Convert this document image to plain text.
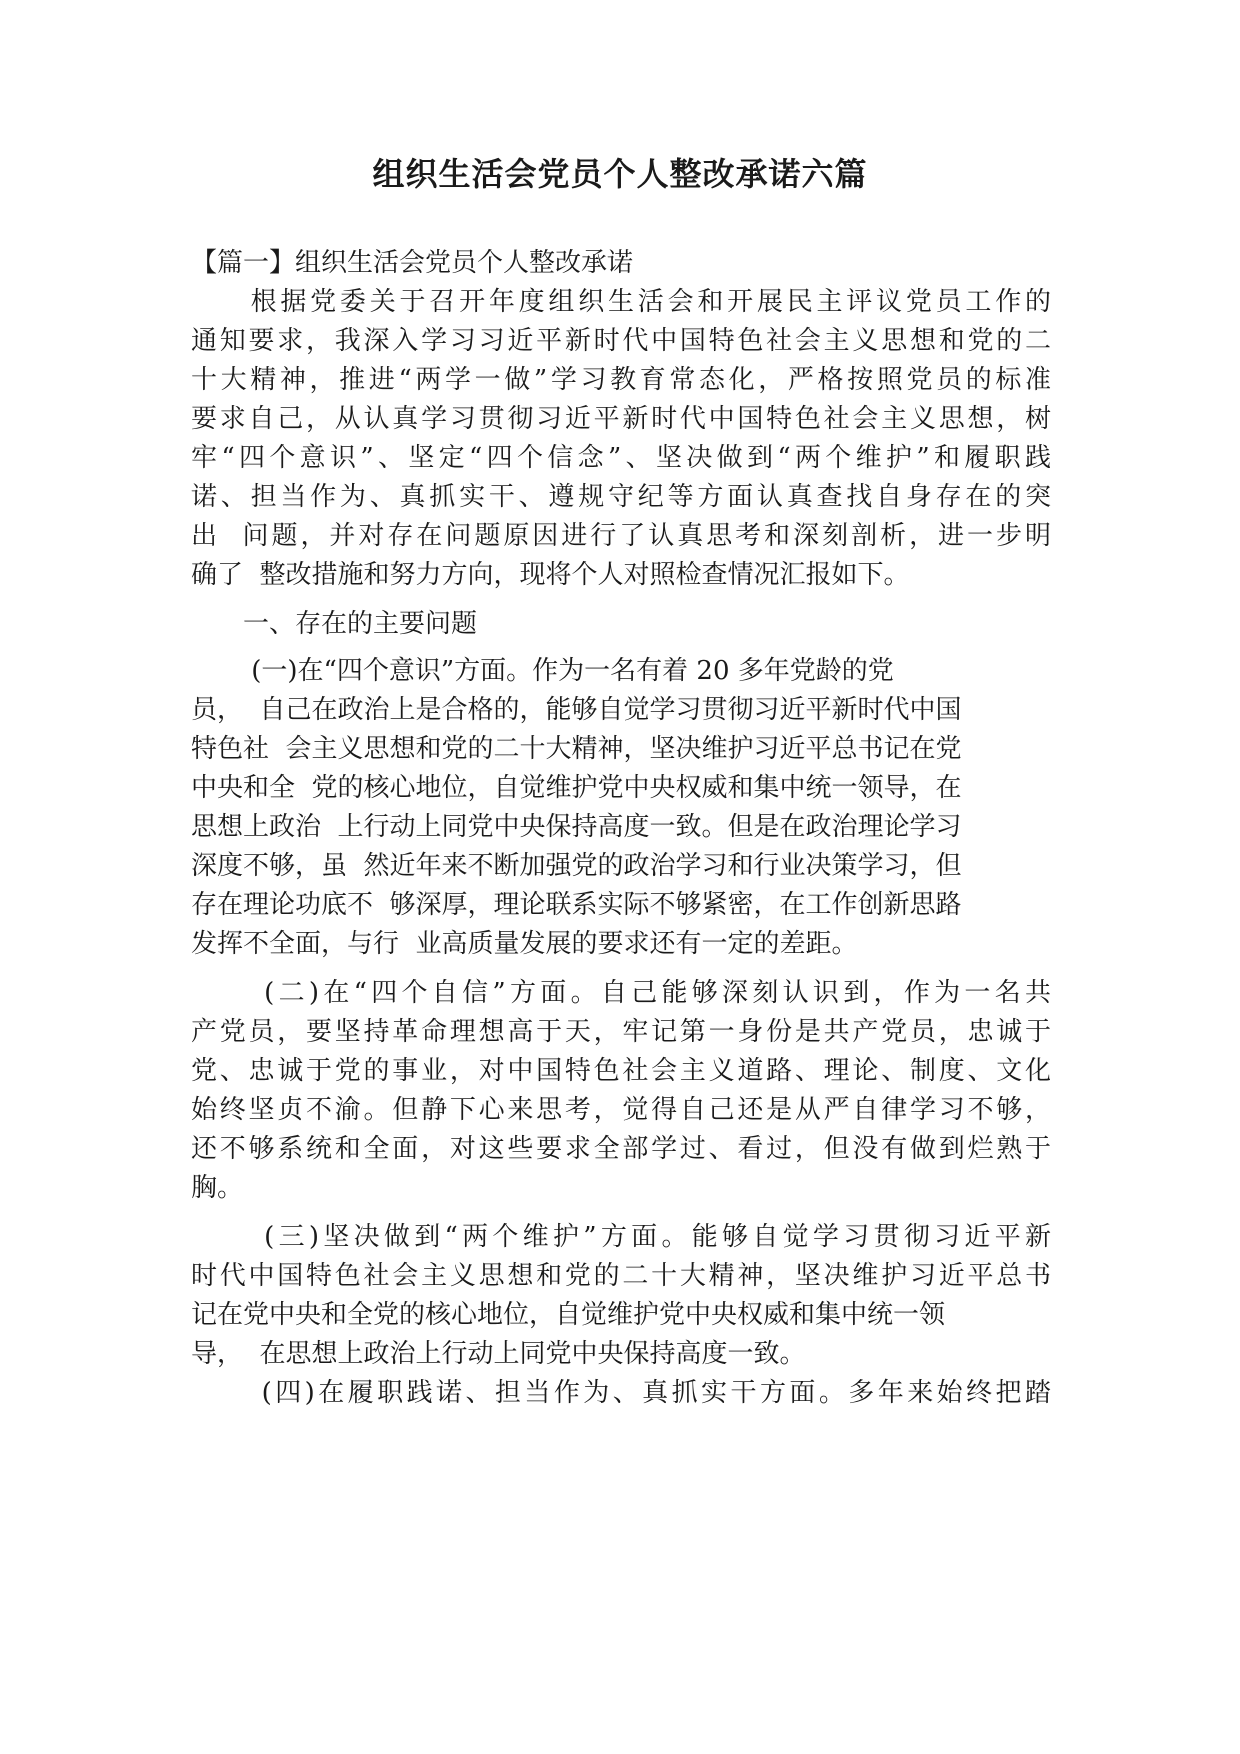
组织生活会党员个人整改承诺六篇
【篇一】组织生活会党员个人整改承诺
　　根据党委关于召开年度组织生活会和开展民主评议党员工作的
通知要求，我深入学习习近平新时代中国特色社会主义思想和党的二
十大精神，推进“两学一做”学习教育常态化，严格按照党员的标准
要求自己，从认真学习贯彻习近平新时代中国特色社会主义思想，树
牢“四个意识”、坚定“四个信念”、坚决做到“两个维护”和履职践
诺、担当作为、真抓实干、遵规守纪等方面认真查找自身存在的突
出  问题，并对存在问题原因进行了认真思考和深刻剖析，进一步明
确了  整改措施和努力方向，现将个人对照检查情况汇报如下。
　　一、存在的主要问题
　　 (一)在“四个意识”方面。作为一名有着 20 多年党龄的党
员，  自己在政治上是合格的，能够自觉学习贯彻习近平新时代中国
特色社  会主义思想和党的二十大精神，坚决维护习近平总书记在党
中央和全  党的核心地位，自觉维护党中央权威和集中统一领导，在
思想上政治  上行动上同党中央保持高度一致。但是在政治理论学习
深度不够，虽  然近年来不断加强党的政治学习和行业决策学习，但
存在理论功底不  够深厚，理论联系实际不够紧密，在工作创新思路
发挥不全面，与行  业高质量发展的要求还有一定的差距。
　　 (二)在“四个自信”方面。自己能够深刻认识到，作为一名共
产党员，要坚持革命理想高于天，牢记第一身份是共产党员，忠诚于
党、忠诚于党的事业，对中国特色社会主义道路、理论、制度、文化
始终坚贞不渝。但静下心来思考，觉得自己还是从严自律学习不够，
还不够系统和全面，对这些要求全部学过、看过，但没有做到烂熟于
胸。
　　 (三)坚决做到“两个维护”方面。能够自觉学习贯彻习近平新
时代中国特色社会主义思想和党的二十大精神，坚决维护习近平总书
记在党中央和全党的核心地位，自觉维护党中央权威和集中统一领
导，  在思想上政治上行动上同党中央保持高度一致。
　　 (四)在履职践诺、担当作为、真抓实干方面。多年来始终把踏
